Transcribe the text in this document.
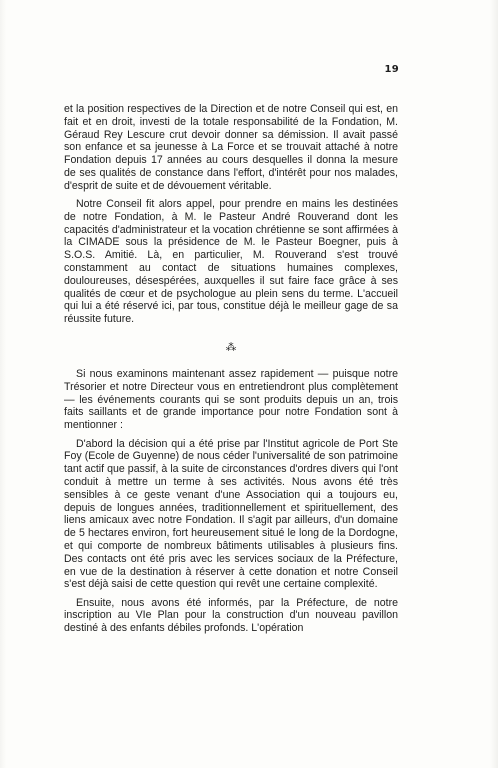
19

et la position respectives de la Direction et de notre Conseil qui est, en fait et en droit, investi de la totale responsabilité de la Fondation, M. Géraud Rey Lescure crut devoir donner sa démission. Il avait passé son enfance et sa jeunesse à La Force et se trouvait attaché à notre Fondation depuis 17 années au cours desquelles il donna la mesure de ses qualités de constance dans l'effort, d'intérêt pour nos malades, d'esprit de suite et de dévouement véritable.

Notre Conseil fit alors appel, pour prendre en mains les destinées de notre Fondation, à M. le Pasteur André Rouverand dont les capacités d'administrateur et la vocation chrétienne se sont affirmées à la CIMADE sous la présidence de M. le Pasteur Boegner, puis à S.O.S. Amitié. Là, en particulier, M. Rouverand s'est trouvé constamment au contact de situations humaines complexes, douloureuses, désespérées, auxquelles il sut faire face grâce à ses qualités de cœur et de psychologue au plein sens du terme. L'accueil qui lui a été réservé ici, par tous, constitue déjà le meilleur gage de sa réussite future.

⁂

Si nous examinons maintenant assez rapidement — puisque notre Trésorier et notre Directeur vous en entretiendront plus complètement — les événements courants qui se sont produits depuis un an, trois faits saillants et de grande importance pour notre Fondation sont à mentionner :

D'abord la décision qui a été prise par l'Institut agricole de Port Ste Foy (Ecole de Guyenne) de nous céder l'universalité de son patrimoine tant actif que passif, à la suite de circonstances d'ordres divers qui l'ont conduit à mettre un terme à ses activités. Nous avons été très sensibles à ce geste venant d'une Association qui a toujours eu, depuis de longues années, traditionnellement et spirituellement, des liens amicaux avec notre Fondation. Il s'agit par ailleurs, d'un domaine de 5 hectares environ, fort heureusement situé le long de la Dordogne, et qui comporte de nombreux bâtiments utilisables à plusieurs fins. Des contacts ont été pris avec les services sociaux de la Préfecture, en vue de la destination à réserver à cette donation et notre Conseil s'est déjà saisi de cette question qui revêt une certaine complexité.

Ensuite, nous avons été informés, par la Préfecture, de notre inscription au VIe Plan pour la construction d'un nouveau pavillon destiné à des enfants débiles profonds. L'opération
